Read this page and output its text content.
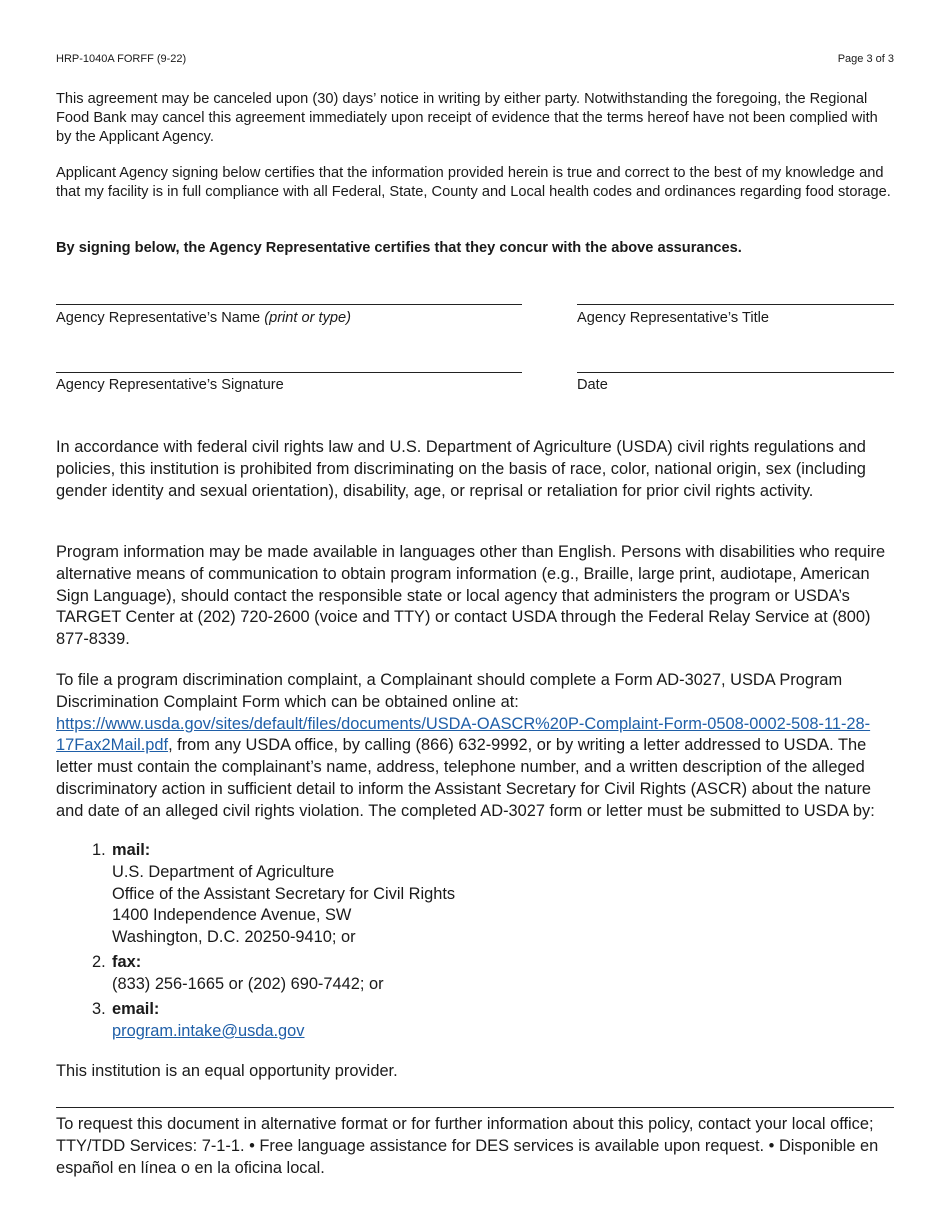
HRP-1040A FORFF (9-22)	Page 3 of 3

This agreement may be canceled upon (30) days’ notice in writing by either party. Notwithstanding the foregoing, the Regional Food Bank may cancel this agreement immediately upon receipt of evidence that the terms hereof have not been complied with by the Applicant Agency.

Applicant Agency signing below certifies that the information provided herein is true and correct to the best of my knowledge and that my facility is in full compliance with all Federal, State, County and Local health codes and ordinances regarding food storage.

By signing below, the Agency Representative certifies that they concur with the above assurances.

Agency Representative’s Name (print or type)	Agency Representative’s Title
Agency Representative’s Signature	Date

In accordance with federal civil rights law and U.S. Department of Agriculture (USDA) civil rights regulations and policies, this institution is prohibited from discriminating on the basis of race, color, national origin, sex (including gender identity and sexual orientation), disability, age, or reprisal or retaliation for prior civil rights activity.

Program information may be made available in languages other than English. Persons with disabilities who require alternative means of communication to obtain program information (e.g., Braille, large print, audiotape, American Sign Language), should contact the responsible state or local agency that administers the program or USDA’s TARGET Center at (202) 720-2600 (voice and TTY) or contact USDA through the Federal Relay Service at (800) 877-8339.

To file a program discrimination complaint, a Complainant should complete a Form AD-3027, USDA Program Discrimination Complaint Form which can be obtained online at: https://www.usda.gov/sites/default/files/documents/USDA-OASCR%20P-Complaint-Form-0508-0002-508-11-28-17Fax2Mail.pdf, from any USDA office, by calling (866) 632-9992, or by writing a letter addressed to USDA. The letter must contain the complainant’s name, address, telephone number, and a written description of the alleged discriminatory action in sufficient detail to inform the Assistant Secretary for Civil Rights (ASCR) about the nature and date of an alleged civil rights violation. The completed AD-3027 form or letter must be submitted to USDA by:

1. mail:
U.S. Department of Agriculture
Office of the Assistant Secretary for Civil Rights
1400 Independence Avenue, SW
Washington, D.C. 20250-9410; or
2. fax:
(833) 256-1665 or (202) 690-7442; or
3. email:
program.intake@usda.gov

This institution is an equal opportunity provider.

To request this document in alternative format or for further information about this policy, contact your local office; TTY/TDD Services: 7-1-1. • Free language assistance for DES services is available upon request. • Disponible en español en línea o en la oficina local.
